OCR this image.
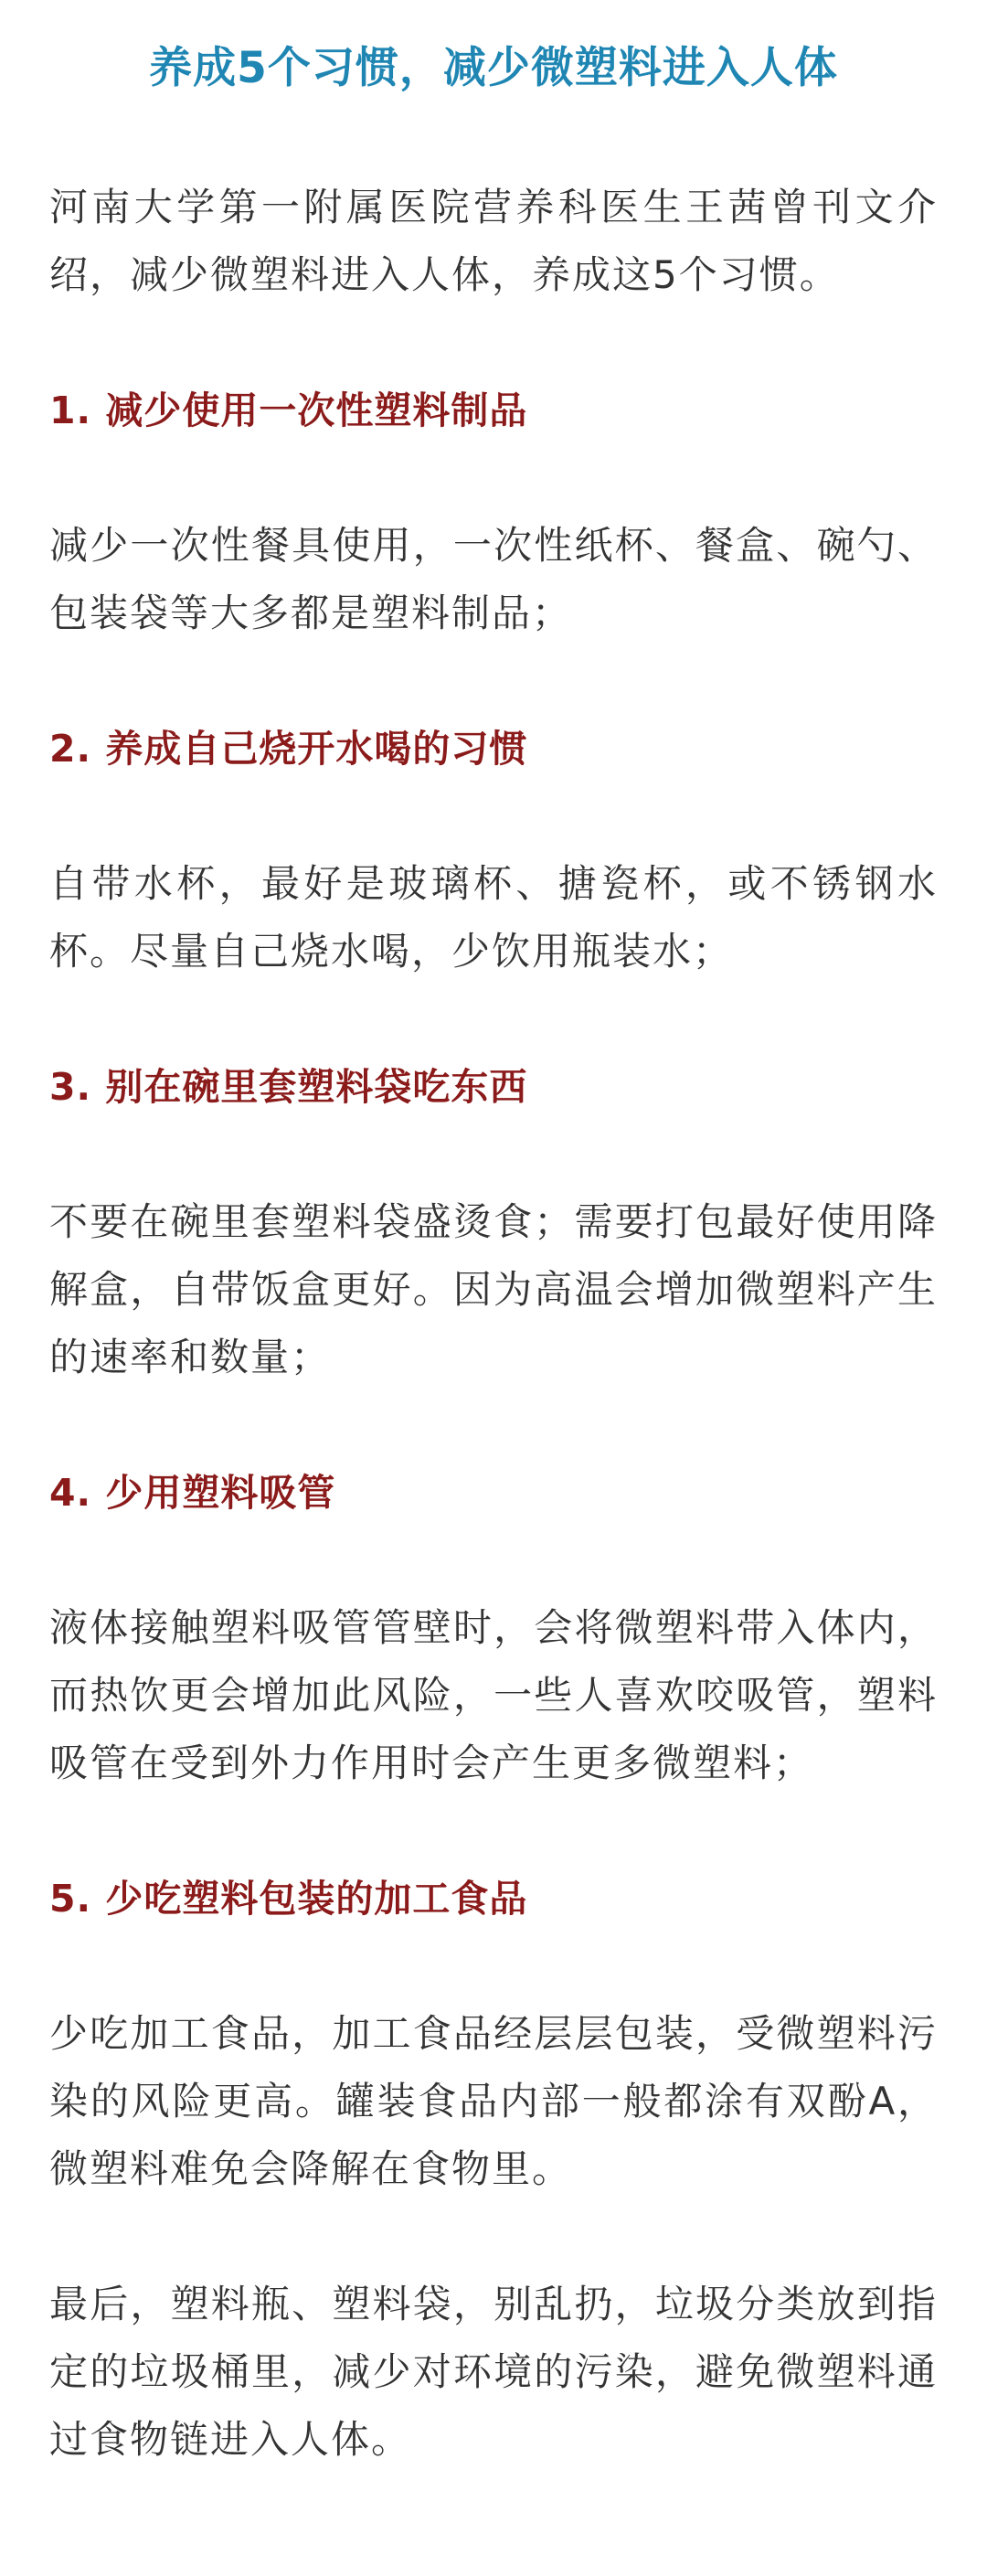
养成5个习惯，减少微塑料进入人体

河南大学第一附属医院营养科医生王茜曾刊文介绍，减少微塑料进入人体，养成这5个习惯。

1. 减少使用一次性塑料制品

减少一次性餐具使用，一次性纸杯、餐盒、碗勺、包装袋等大多都是塑料制品；

2. 养成自己烧开水喝的习惯

自带水杯，最好是玻璃杯、搪瓷杯，或不锈钢水杯。尽量自己烧水喝，少饮用瓶装水；

3. 别在碗里套塑料袋吃东西

不要在碗里套塑料袋盛烫食；需要打包最好使用降解盒，自带饭盒更好。因为高温会增加微塑料产生的速率和数量；

4. 少用塑料吸管

液体接触塑料吸管管壁时，会将微塑料带入体内，而热饮更会增加此风险，一些人喜欢咬吸管，塑料吸管在受到外力作用时会产生更多微塑料；

5. 少吃塑料包装的加工食品

少吃加工食品，加工食品经层层包装，受微塑料污染的风险更高。罐装食品内部一般都涂有双酚A，微塑料难免会降解在食物里。

最后，塑料瓶、塑料袋，别乱扔，垃圾分类放到指定的垃圾桶里，减少对环境的污染，避免微塑料通过食物链进入人体。
